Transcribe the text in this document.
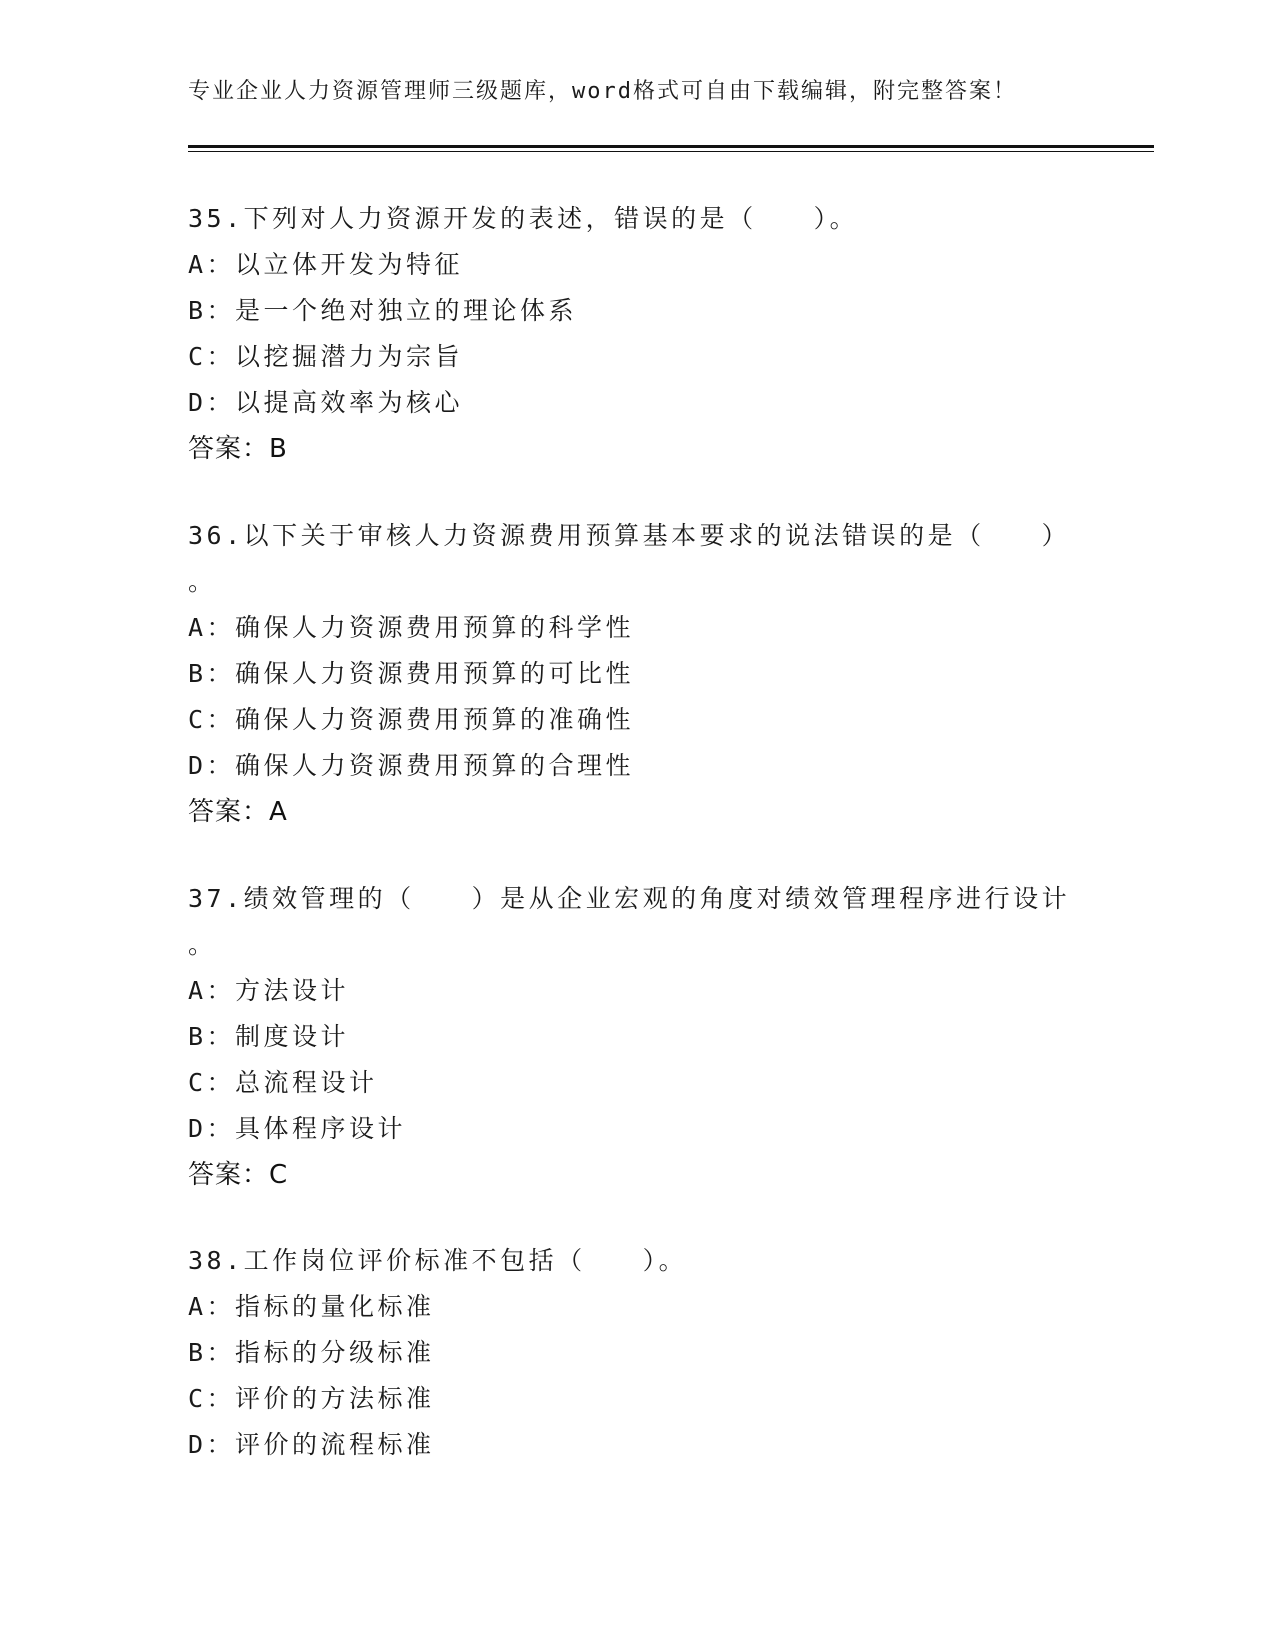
专业企业人力资源管理师三级题库，word格式可自由下载编辑，附完整答案！
35.下列对人力资源开发的表述，错误的是（　　）。
A：以立体开发为特征
B：是一个绝对独立的理论体系
C：以挖掘潜力为宗旨
D：以提高效率为核心
答案：B
36.以下关于审核人力资源费用预算基本要求的说法错误的是（　　）
。
A：确保人力资源费用预算的科学性
B：确保人力资源费用预算的可比性
C：确保人力资源费用预算的准确性
D：确保人力资源费用预算的合理性
答案：A
37.绩效管理的（　　）是从企业宏观的角度对绩效管理程序进行设计
。
A：方法设计
B：制度设计
C：总流程设计
D：具体程序设计
答案：C
38.工作岗位评价标准不包括（　　）。
A：指标的量化标准
B：指标的分级标准
C：评价的方法标准
D：评价的流程标准
